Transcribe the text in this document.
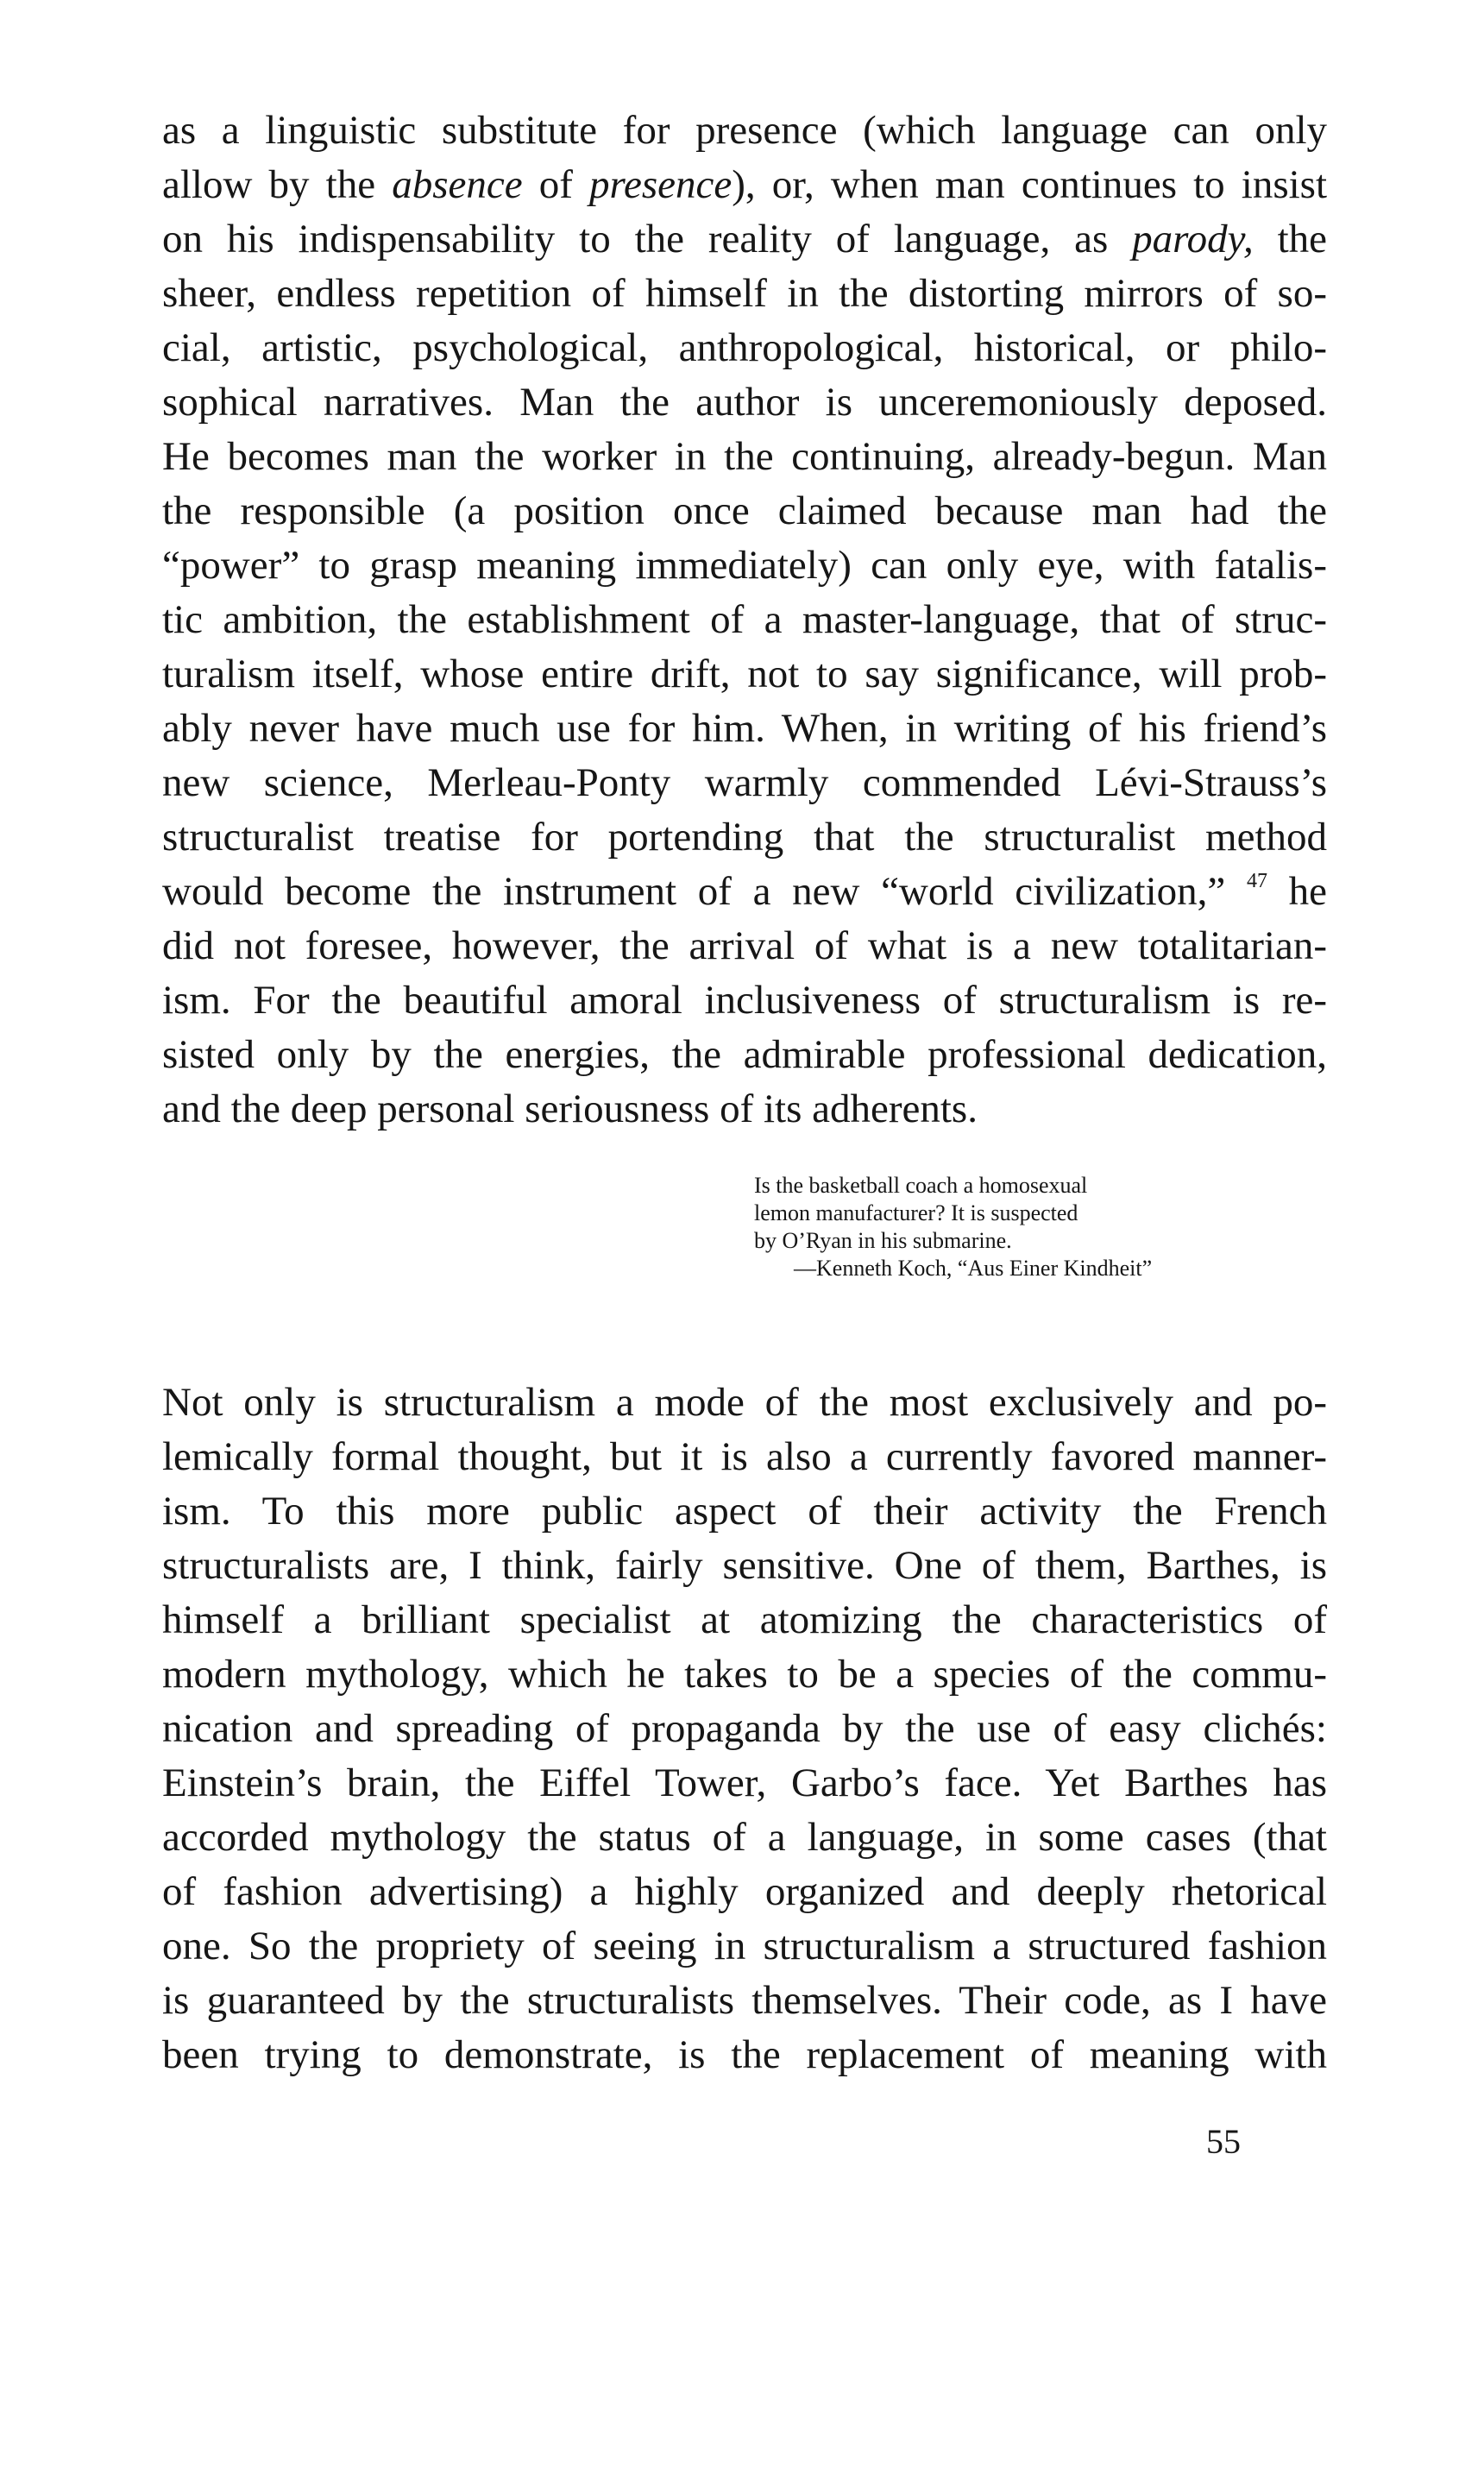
as a linguistic substitute for presence (which language can only

allow by the absence of presence), or, when man continues to insist

on his indispensability to the reality of language, as parody, the

sheer, endless repetition of himself in the distorting mirrors of so-

cial, artistic, psychological, anthropological, historical, or philo-

sophical narratives. Man the author is unceremoniously deposed.

He becomes man the worker in the continuing, already-begun. Man

the responsible (a position once claimed because man had the

“power” to grasp meaning immediately) can only eye, with fatalis-

tic ambition, the establishment of a master-language, that of struc-

turalism itself, whose entire drift, not to say significance, will prob-

ably never have much use for him. When, in writing of his friend’s

new science, Merleau-Ponty warmly commended Lévi-Strauss’s

structuralist treatise for portending that the structuralist method

would become the instrument of a new “world civilization,” $^{47}$ he

did not foresee, however, the arrival of what is a new totalitarian-

ism. For the beautiful amoral inclusiveness of structuralism is re-

sisted only by the energies, the admirable professional dedication,

and the deep personal seriousness of its adherents.

Is the basketball coach a homosexual

lemon manufacturer? It is suspected

by O’Ryan in his submarine.

—Kenneth Koch, “Aus Einer Kindheit”

Not only is structuralism a mode of the most exclusively and po-

lemically formal thought, but it is also a currently favored manner-

ism. To this more public aspect of their activity the French

structuralists are, I think, fairly sensitive. One of them, Barthes, is

himself a brilliant specialist at atomizing the characteristics of

modern mythology, which he takes to be a species of the commu-

nication and spreading of propaganda by the use of easy clichés:

Einstein’s brain, the Eiffel Tower, Garbo’s face. Yet Barthes has

accorded mythology the status of a language, in some cases (that

of fashion advertising) a highly organized and deeply rhetorical

one. So the propriety of seeing in structuralism a structured fashion

is guaranteed by the structuralists themselves. Their code, as I have

been trying to demonstrate, is the replacement of meaning with

55
